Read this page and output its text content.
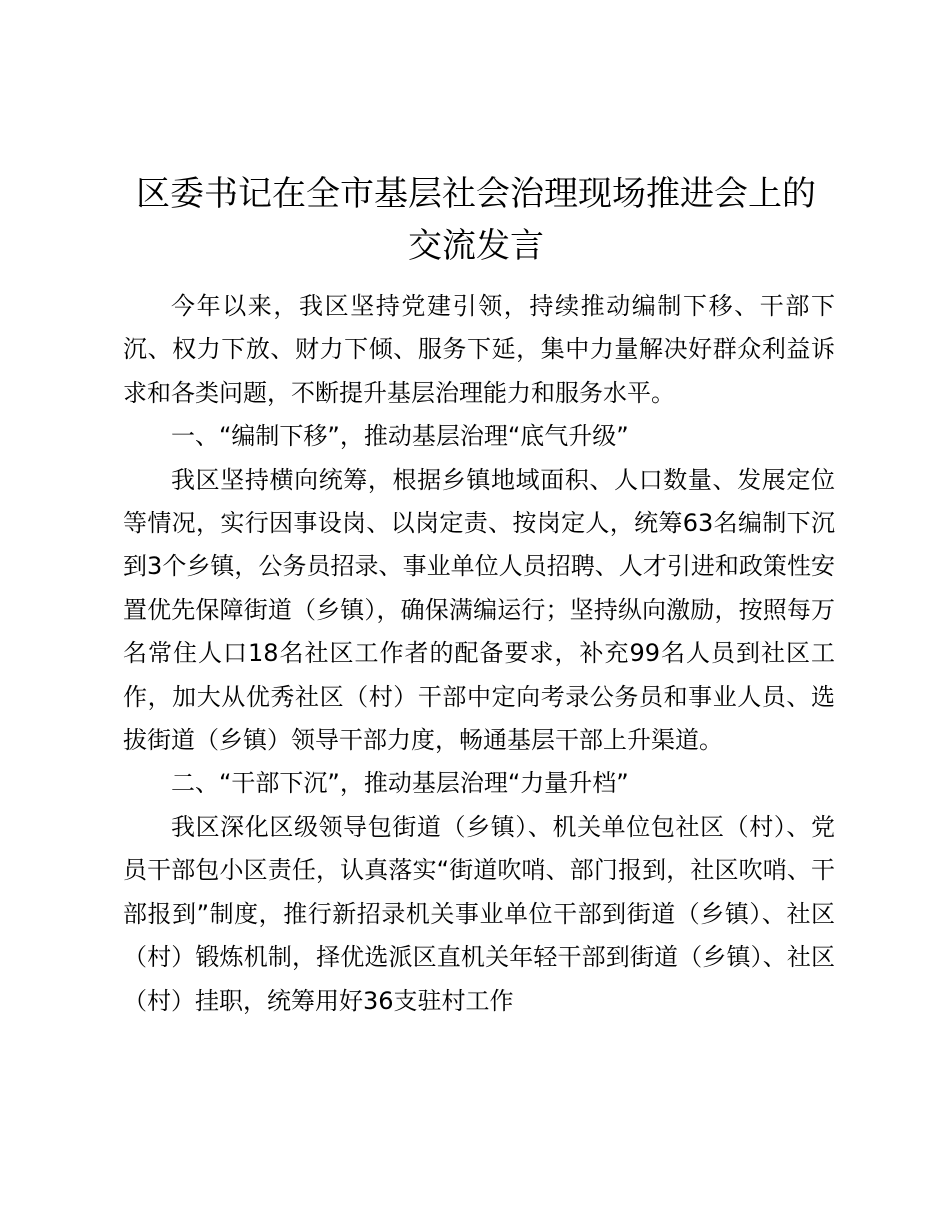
区委书记在全市基层社会治理现场推进会上的交流发言

今年以来，我区坚持党建引领，持续推动编制下移、干部下沉、权力下放、财力下倾、服务下延，集中力量解决好群众利益诉求和各类问题，不断提升基层治理能力和服务水平。

一、“编制下移”，推动基层治理“底气升级”

我区坚持横向统筹，根据乡镇地域面积、人口数量、发展定位等情况，实行因事设岗、以岗定责、按岗定人，统筹63名编制下沉到3个乡镇，公务员招录、事业单位人员招聘、人才引进和政策性安置优先保障街道（乡镇），确保满编运行；坚持纵向激励，按照每万名常住人口18名社区工作者的配备要求，补充99名人员到社区工作，加大从优秀社区（村）干部中定向考录公务员和事业人员、选拔街道（乡镇）领导干部力度，畅通基层干部上升渠道。

二、“干部下沉”，推动基层治理“力量升档”

我区深化区级领导包街道（乡镇）、机关单位包社区（村）、党员干部包小区责任，认真落实“街道吹哨、部门报到，社区吹哨、干部报到”制度，推行新招录机关事业单位干部到街道（乡镇）、社区（村）锻炼机制，择优选派区直机关年轻干部到街道（乡镇）、社区（村）挂职，统筹用好36支驻村工作
